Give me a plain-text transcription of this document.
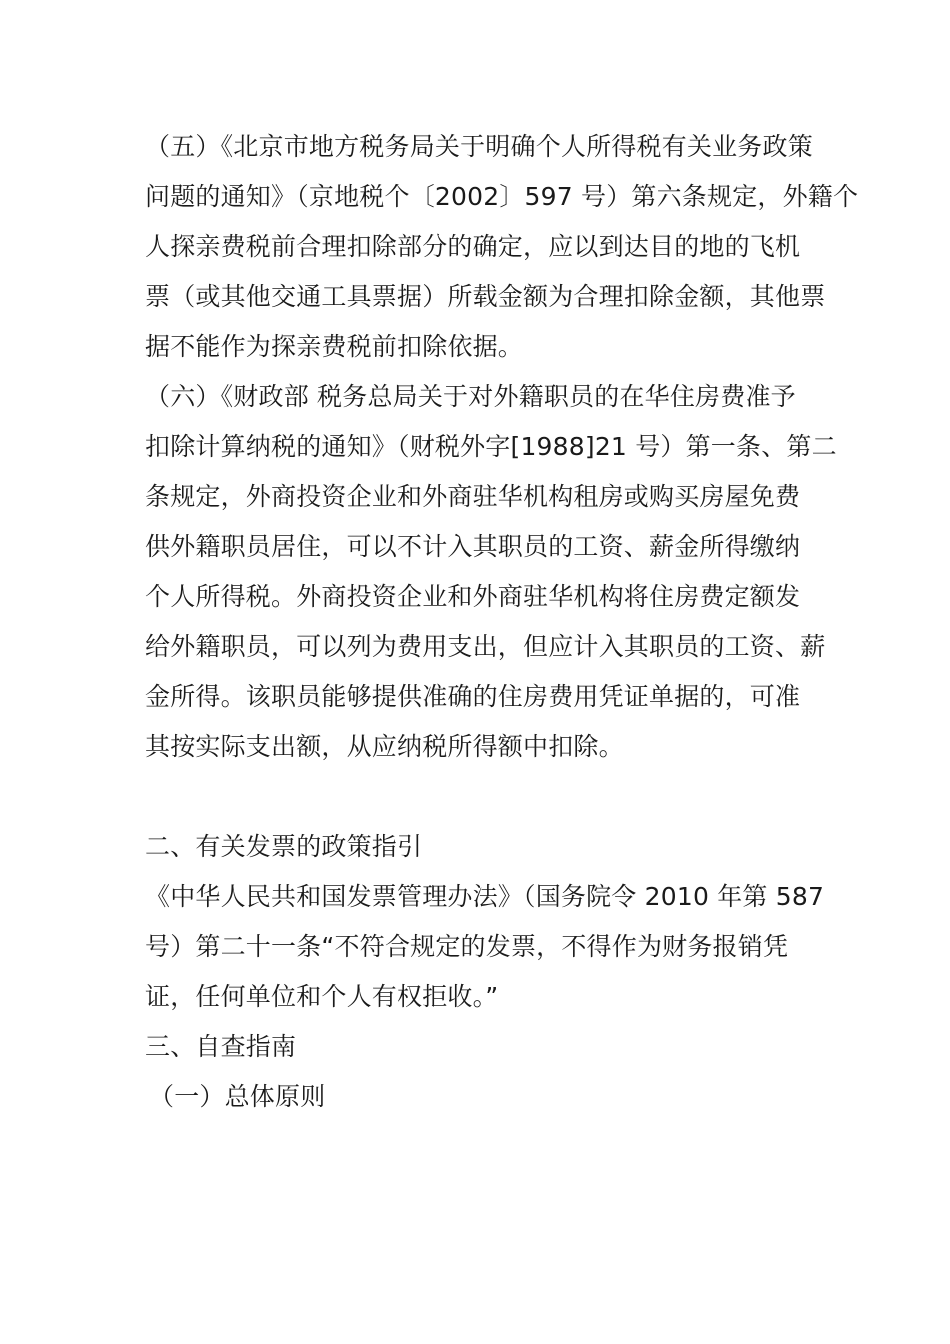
（五）《北京市地方税务局关于明确个人所得税有关业务政策
问题的通知》（京地税个〔2002〕597 号）第六条规定，外籍个
人探亲费税前合理扣除部分的确定，应以到达目的地的飞机
票（或其他交通工具票据）所载金额为合理扣除金额，其他票
据不能作为探亲费税前扣除依据。
（六）《财政部 税务总局关于对外籍职员的在华住房费准予
扣除计算纳税的通知》（财税外字[1988]21 号）第一条、第二
条规定，外商投资企业和外商驻华机构租房或购买房屋免费
供外籍职员居住，可以不计入其职员的工资、薪金所得缴纳
个人所得税。外商投资企业和外商驻华机构将住房费定额发
给外籍职员，可以列为费用支出，但应计入其职员的工资、薪
金所得。该职员能够提供准确的住房费用凭证单据的，可准
其按实际支出额，从应纳税所得额中扣除。
二、有关发票的政策指引
《中华人民共和国发票管理办法》（国务院令 2010 年第 587
号）第二十一条“不符合规定的发票，不得作为财务报销凭
证，任何单位和个人有权拒收。”
三、自查指南
（一）总体原则
